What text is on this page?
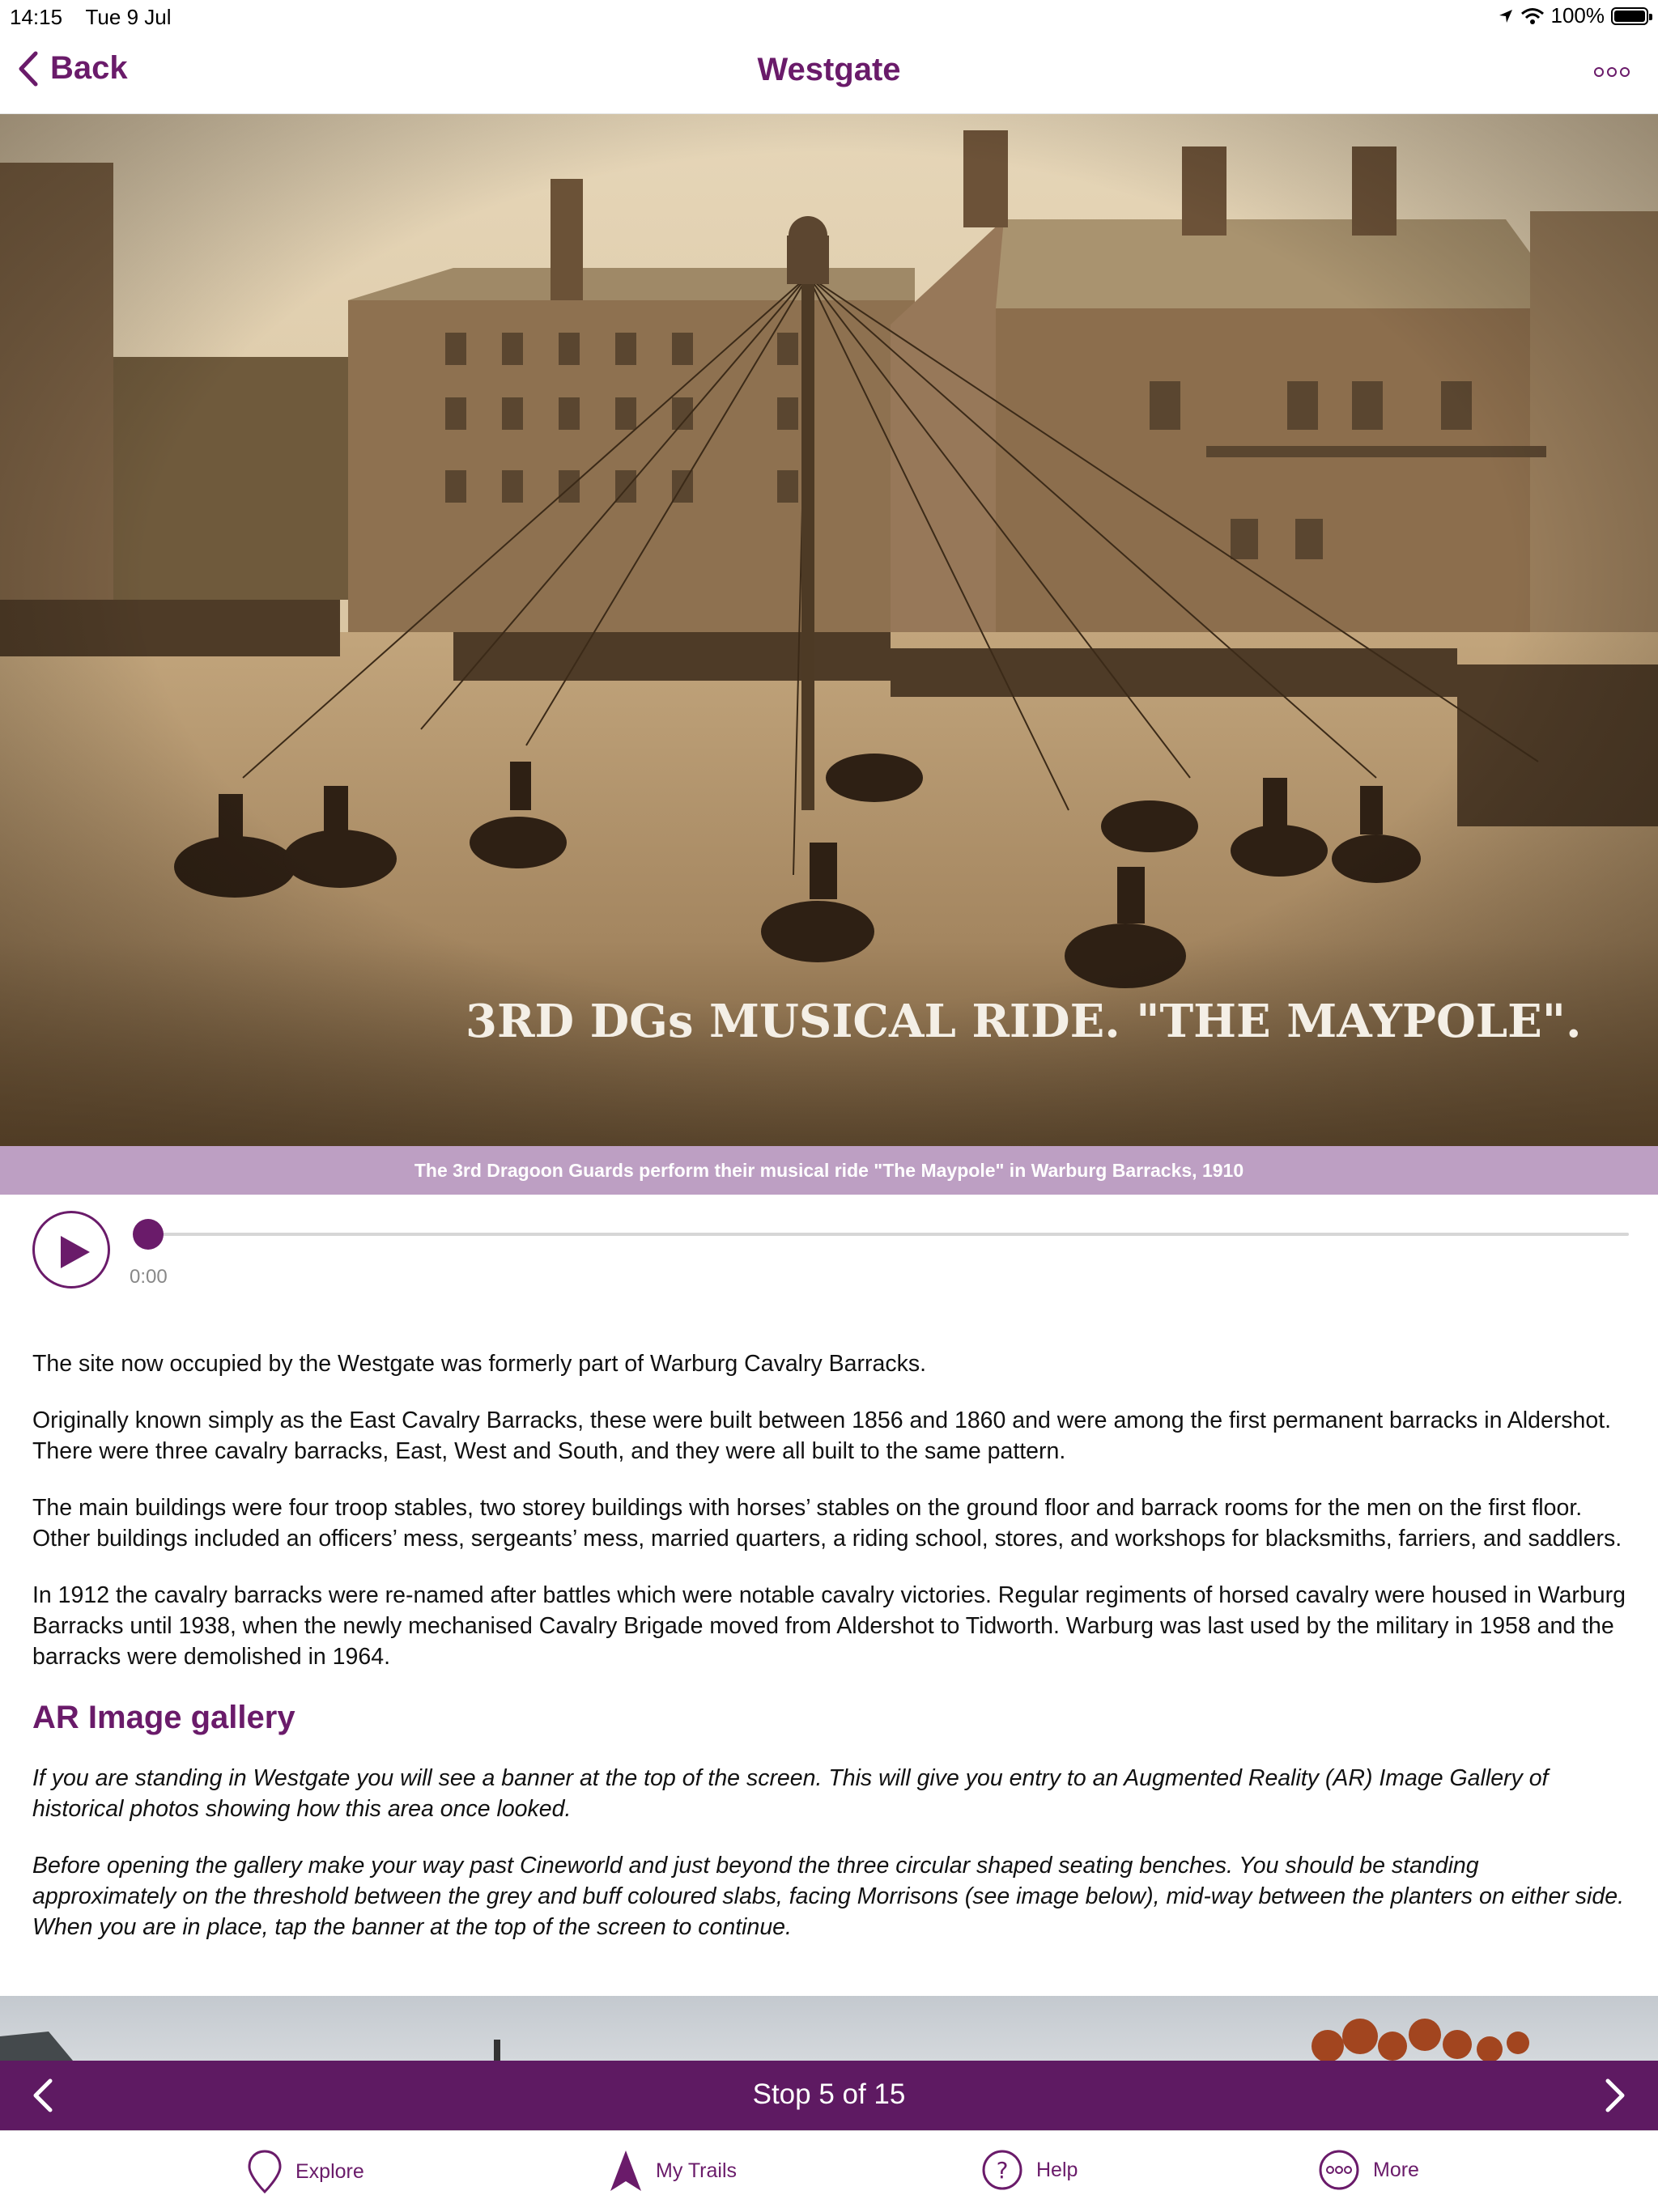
14:15 Tue 9 Jul	100%
Back	Westgate
3RD DGs MUSICAL RIDE. "THE MAYPOLE".
The 3rd Dragoon Guards perform their musical ride "The Maypole" in Warburg Barracks, 1910
0:00

The site now occupied by the Westgate was formerly part of Warburg Cavalry Barracks.

Originally known simply as the East Cavalry Barracks, these were built between 1856 and 1860 and were among the first permanent barracks in Aldershot. There were three cavalry barracks, East, West and South, and they were all built to the same pattern.

The main buildings were four troop stables, two storey buildings with horses’ stables on the ground floor and barrack rooms for the men on the first floor. Other buildings included an officers’ mess, sergeants’ mess, married quarters, a riding school, stores, and workshops for blacksmiths, farriers, and saddlers.

In 1912 the cavalry barracks were re-named after battles which were notable cavalry victories. Regular regiments of horsed cavalry were housed in Warburg Barracks until 1938, when the newly mechanised Cavalry Brigade moved from Aldershot to Tidworth. Warburg was last used by the military in 1958 and the barracks were demolished in 1964.

AR Image gallery

If you are standing in Westgate you will see a banner at the top of the screen. This will give you entry to an Augmented Reality (AR) Image Gallery of historical photos showing how this area once looked.

Before opening the gallery make your way past Cineworld and just beyond the three circular shaped seating benches. You should be standing approximately on the threshold between the grey and buff coloured slabs, facing Morrisons (see image below), mid-way between the planters on either side. When you are in place, tap the banner at the top of the screen to continue.

Stop 5 of 15
Explore	My Trails	? Help	More
